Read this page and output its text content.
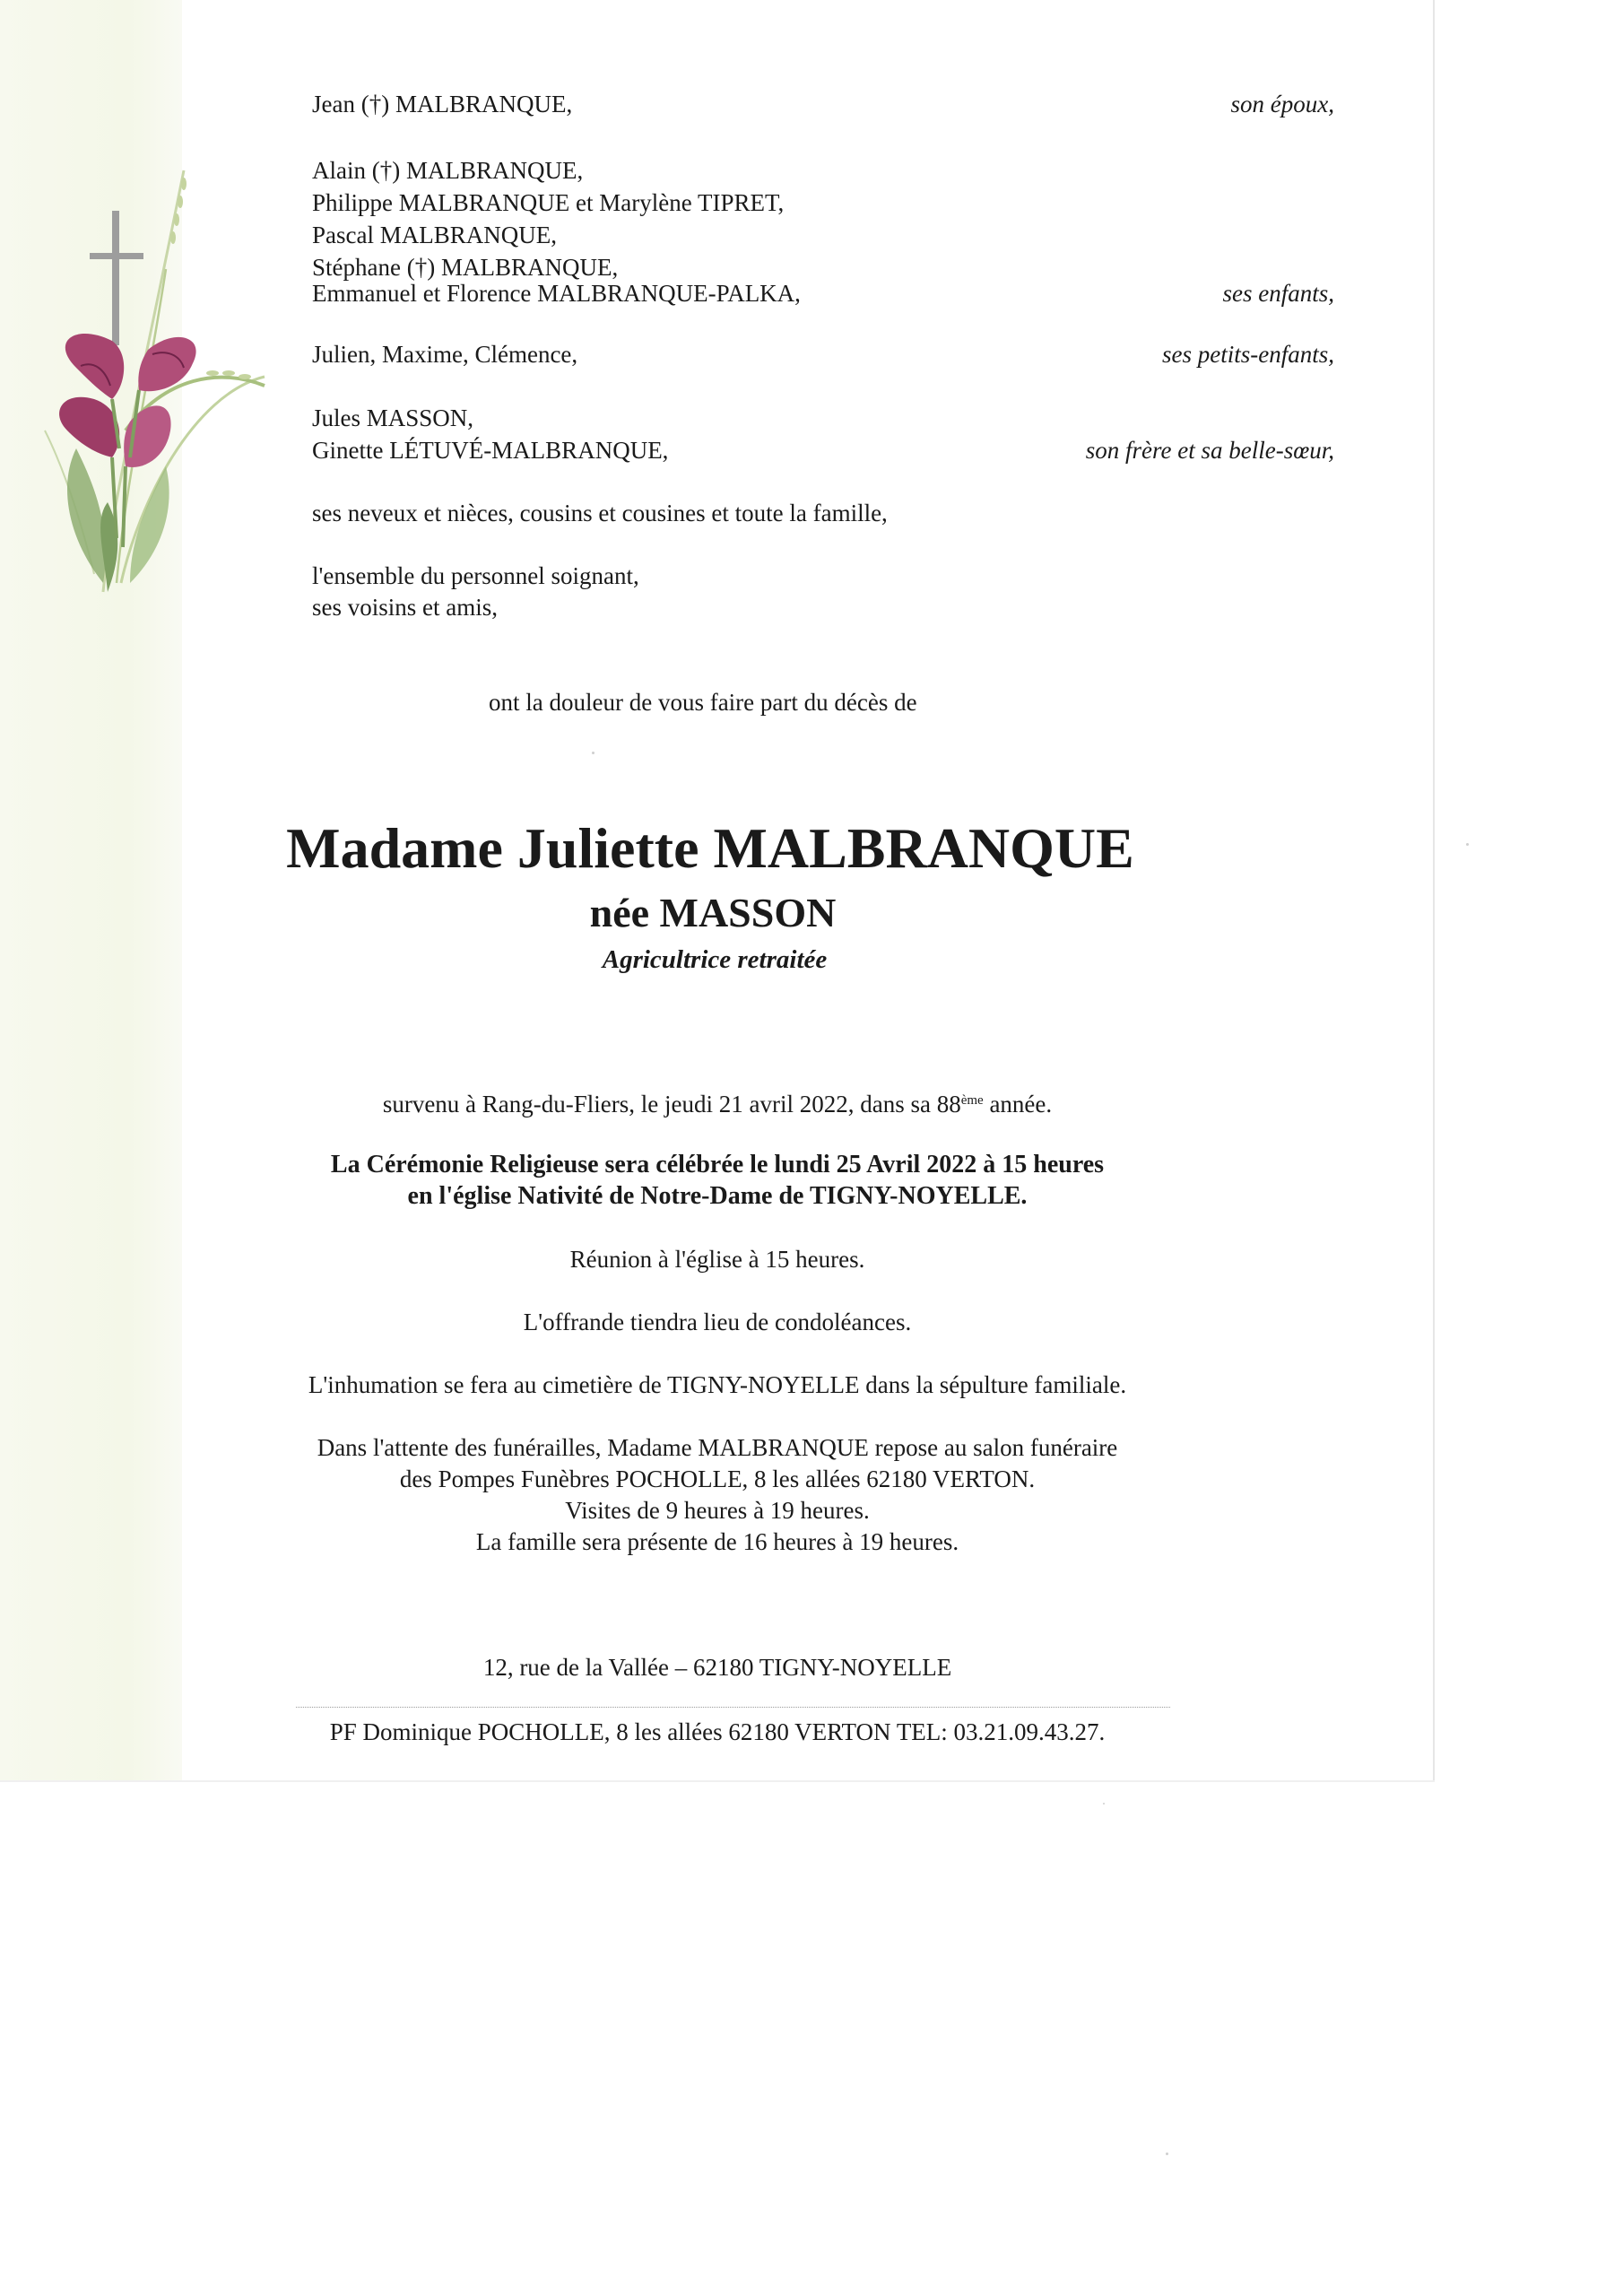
Jean (†) MALBRANQUE,	son époux,
Alain (†) MALBRANQUE,
Philippe MALBRANQUE et Marylène TIPRET,
Pascal MALBRANQUE,
Stéphane (†) MALBRANQUE,
Emmanuel et Florence MALBRANQUE-PALKA,	ses enfants,
Julien, Maxime, Clémence,	ses petits-enfants,
Jules MASSON,
Ginette LÉTUVÉ-MALBRANQUE,	son frère et sa belle-sœur,
ses neveux et nièces, cousins et cousines et toute la famille,
l'ensemble du personnel soignant,
ses voisins et amis,
ont la douleur de vous faire part du décès de
Madame Juliette MALBRANQUE
née MASSON
Agricultrice retraitée
survenu à Rang-du-Fliers, le jeudi 21 avril 2022, dans sa 88ème année.
La Cérémonie Religieuse sera célébrée le lundi 25 Avril 2022 à 15 heures
en l'église Nativité de Notre-Dame de TIGNY-NOYELLE.
Réunion à l'église à 15 heures.
L'offrande tiendra lieu de condoléances.
L'inhumation se fera au cimetière de TIGNY-NOYELLE dans la sépulture familiale.
Dans l'attente des funérailles, Madame MALBRANQUE repose au salon funéraire
des Pompes Funèbres POCHOLLE, 8 les allées 62180 VERTON.
Visites de 9 heures à 19 heures.
La famille sera présente de 16 heures à 19 heures.
12, rue de la Vallée – 62180 TIGNY-NOYELLE
PF Dominique POCHOLLE, 8 les allées 62180 VERTON TEL: 03.21.09.43.27.
